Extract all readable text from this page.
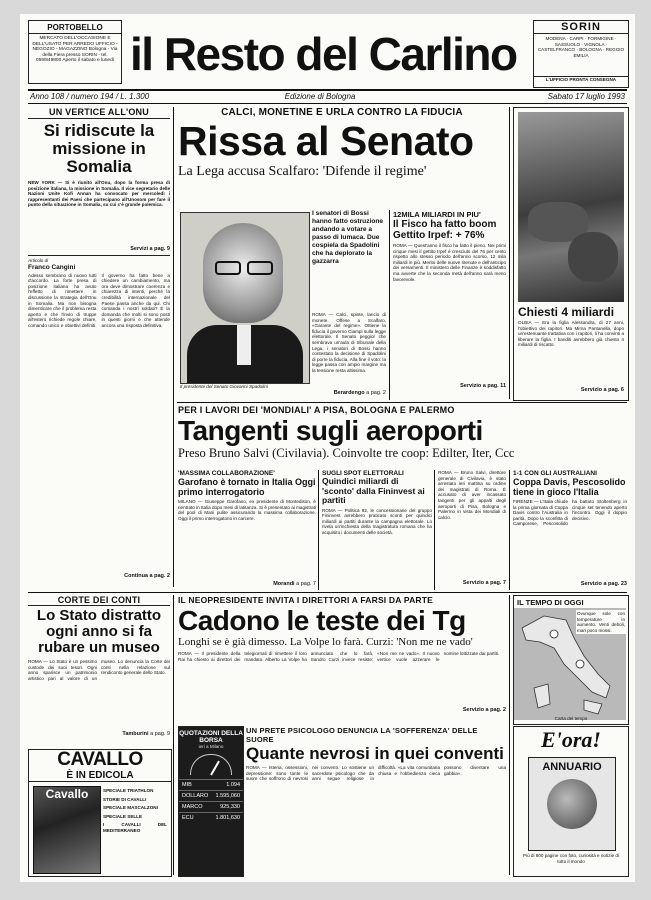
PORTOBELLO
MERCATO DELL'OCCASIONE E DELL'USATO PER ARREDO UFFICIO - NEGOZIO - MAGAZZINO Bologna - Via della Fiera presso SORIN - tel. 059/849800 Aperto il sabato e lunedì il Resto del Carlino
SORIN
MODENA · CARPI · FORMIGINE · SASSUOLO · VIGNOLA · CASTELFRANCO · BOLOGNA · REGGIO EMILIA
L'UFFICIO PRONTA CONSEGNA
Anno 108 / numero 194 / L. 1.300	Edizione di Bologna	Sabato 17 luglio 1993
UN VERTICE ALL'ONU
Si ridiscute la missione in Somalia
NEW YORK — Si è riunito all'Onu, dopo la forma presa di posizione italiana, la missione in Somalia. Il vice segretario delle Nazioni Unite Kofi Annan ha convocato per mercoledì i rappresentanti dei Paesi che partecipano all'Unosom per fare il punto della situazione in Somalia, su cui c'è grande polemica.
Servizi a pag. 9
Articolo di
Franco Cangini
Adesso sembrano di nuovo tutti d'accordo. La forte presa di posizione italiana ha avuto l'effetto di rimettere in discussione la strategia dell'Onu in Somalia. Ma non bisogna dimenticare che il problema resta aperto e che l'invio di truppe all'estero richiede regole chiare, comando unico e obiettivi definiti. Il governo ha fatto bene a chiedere un cambiamento, ma ora deve dimostrare coerenza e chiarezza di intenti, perché la credibilità internazionale del Paese passa anche da qui. Chi comanda i nostri soldati? È la domanda che molti si sono posti in questi giorni e che attende ancora una risposta definitiva.
Continua a pag. 2
CALCI, MONETINE E URLA CONTRO LA FIDUCIA
Rissa al Senato
La Lega accusa Scalfaro: 'Difende il regime'
Il presidente del Senato Giovanni Spadolini
I senatori di Bossi hanno fatto ostruzione andando a votare a passo di lumaca. Due cospiela da Spadolini che ha deplorato la gazzarra
ROMA — Calci, spinte, lancio di monete. Offese a Scalfaro, «Garante del regime». Ottiene la fiducia il governo Ciampi sulla legge elettorale. Il Senato peggior che sembrava un'aula di tribunale della Lega, i senatori di Bossi hanno contestato la decisione di Spadolini di porre la fiducia. Alla fine il voto: la legge passa con ampio margine ma la tensione resta altissima.
Berardengo a pag. 2
12MILA MILIARDI IN PIU'
Il Fisco ha fatto boom Gettito Irpef: + 76%
ROMA — Quest'anno il fisco ha fatto il pieno. Nei primi cinque mesi il gettito Irpef è cresciuto del 76 per cento rispetto allo stesso periodo dell'anno scorso, 12 mila miliardi in più. Merito delle nuove ritenute e dell'anticipo dei versamenti. Il ministero delle Finanze è soddisfatto ma avverte che la seconda metà dell'anno sarà meno favorevole.
Servizio a pag. 11
Chiesti 4 miliardi
OLBIA — Era la figlia Alessandra, di 27 anni, l'obiettivo dei rapitori. Ma Mirna Pantanella, dopo un'estenuante trattativa con i rapitori, li ha convinti a liberare la figlia. I banditi avrebbero già chiesto 4 miliardi di riscatto.
Servizio a pag. 6
PER I LAVORI DEI 'MONDIALI' A PISA, BOLOGNA E PALERMO
Tangenti sugli aeroporti
Preso Bruno Salvi (Civilavia). Coinvolte tre coop: Edilter, Iter, Ccc
'MASSIMA COLLABORAZIONE'
Garofano è tornato in Italia Oggi primo interrogatorio
MILANO — Giuseppe Garofano, ex presidente di Montedison, è rientrato in Italia dopo mesi di latitanza. Si è presentato ai magistrati del pool di Mani pulite assicurando la massima collaborazione. Oggi il primo interrogatorio in carcere.
Morandi a pag. 7
SUGLI SPOT ELETTORALI
Quindici miliardi di 'sconto' dalla Fininvest ai partiti
ROMA — Politica 92, le concessionarie del gruppo Fininvest avrebbero praticato sconti per quindici miliardi ai partiti durante la campagna elettorale. Lo rivela un'inchiesta della magistratura romana che ha acquisito i documenti delle società.
ROMA — Bruno Salvi, direttore generale di Civilavia, è stato arrestato ieri mattina su ordine dei magistrati di Roma. È accusato di aver incassato tangenti per gli appalti degli aeroporti di Pisa, Bologna e Palermo in vista dei Mondiali di calcio.
Servizio a pag. 7
1-1 CON GLI AUSTRALIANI
Coppa Davis, Pescosolido tiene in gioco l'Italia
FIRENZE — L'Italia chiude la prima giornata di Coppa Davis contro l'Australia in parità. Dopo la sconfitta di Camporese, Pescosolido ha battuto Stoltenberg in cinque set tenendo aperto l'incontro. Oggi il doppio decisivo.
Servizio a pag. 23
CORTE DEI CONTI
Lo Stato distratto ogni anno si fa rubare un museo
ROMA — Lo Stato è un pessimo custode dei suoi tesori. Ogni anno sparisce un patrimonio artistico pari al valore di un museo. Lo denuncia la Corte dei conti nella relazione sul rendiconto generale dello Stato.
Tamburini a pag. 9
IL NEOPRESIDENTE INVITA I DIRETTORI A FARSI DA PARTE
Cadono le teste dei Tg
Longhi se è già dimesso. La Volpe lo farà. Curzi: 'Non me ne vado'
ROMA — Il presidente della Rai ha chiesto ai direttori dei telegiornali di rimettere il loro mandato. Alberto La Volpe ha annunciato che lo farà, Sandro Curzi invece resiste: «Non me ne vado». Il nuovo vertice vuole azzerare le nomine lottizzate dai partiti.
Servizio a pag. 2
IL TEMPO DI OGGI
Ovunque sole con temperature in aumento. Venti deboli, mari poco mossi.
Carta del tempo
CAVALLO
È IN EDICOLA
Cavallo	SPECIALE TRIATHLON
STORIE DI CAVALLI
SPECIALE MASCALZONI
SPECIALE SELLE
I CAVALLI DEL MEDITERRANEO
QUOTAZIONI DELLA BORSA
ieri a Milano
MIB	1.094
DOLLARO 1.595,060
MARCO	925,330
ECU	1.801,630
UN PRETE PSICOLOGO DENUNCIA LA 'SOFFERENZA' DELLE SUORE
Quante nevrosi in quei conventi
ROMA — Isteria, ossessioni, depressione: sono tante le suore che soffrono di nevrosi nei conventi. Lo sostiene un sacerdote psicologo che da anni segue religiose in difficoltà. «La vita comunitaria chiusa e l'obbedienza cieca possono diventare una gabbia».
E'ora!
ANNUARIO
Più di 800 pagine con foto, curiosità e notizie di tutto il mondo
